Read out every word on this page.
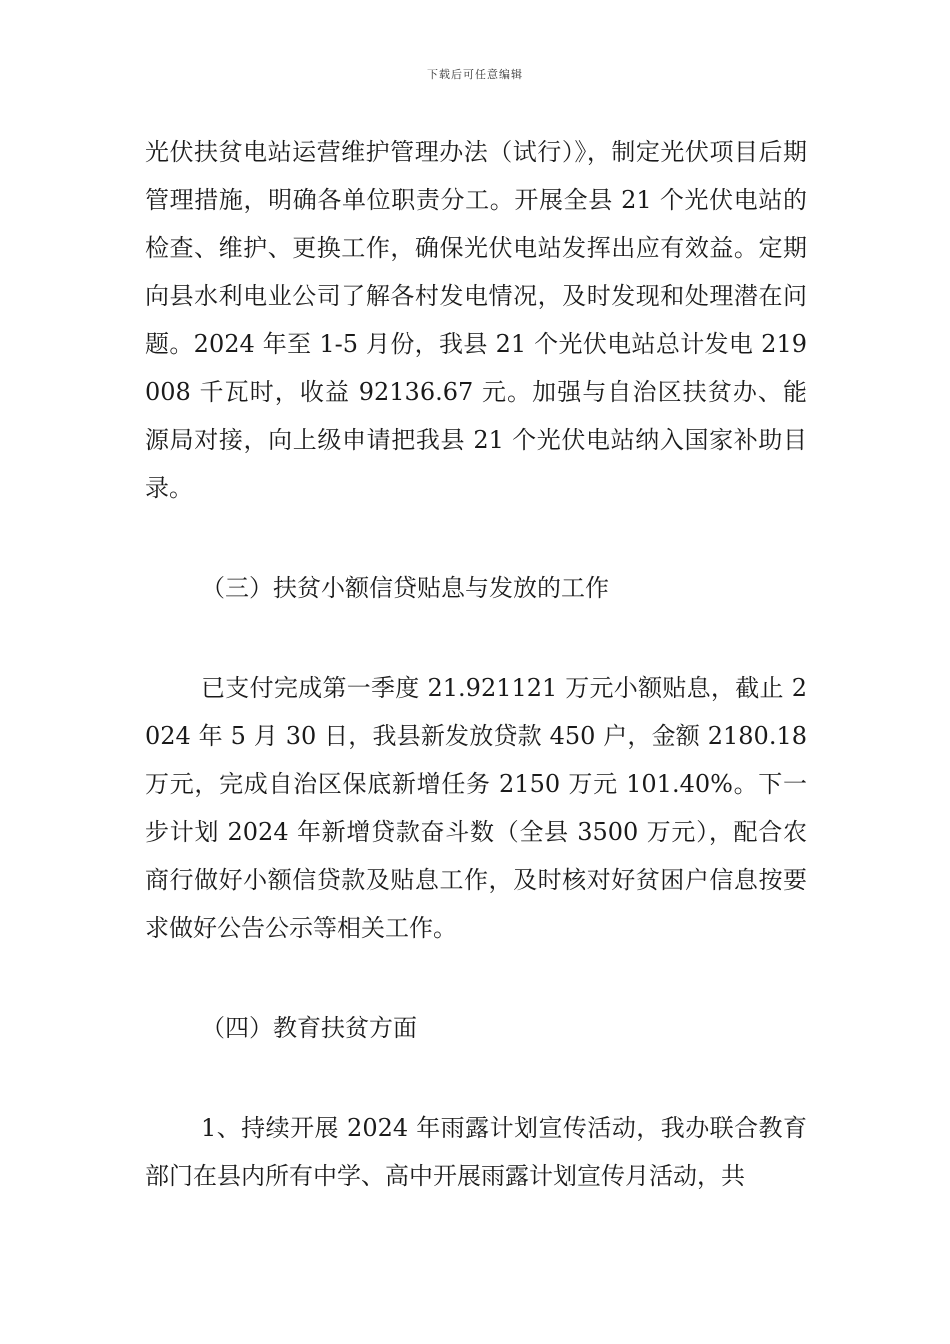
下载后可任意编辑

光伏扶贫电站运营维护管理办法（试行）》，制定光伏项目后期管理措施，明确各单位职责分工。开展全县 21 个光伏电站的检查、维护、更换工作，确保光伏电站发挥出应有效益。定期向县水利电业公司了解各村发电情况，及时发现和处理潜在问题。2024 年至 1-5 月份，我县 21 个光伏电站总计发电 219008 千瓦时，收益 92136.67 元。加强与自治区扶贫办、能源局对接，向上级申请把我县 21 个光伏电站纳入国家补助目录。

（三）扶贫小额信贷贴息与发放的工作

已支付完成第一季度 21.921121 万元小额贴息，截止 2024 年 5 月 30 日，我县新发放贷款 450 户，金额 2180.18 万元，完成自治区保底新增任务 2150 万元 101.40%。下一步计划 2024 年新增贷款奋斗数（全县 3500 万元），配合农商行做好小额信贷款及贴息工作，及时核对好贫困户信息按要求做好公告公示等相关工作。

（四）教育扶贫方面

1、持续开展 2024 年雨露计划宣传活动，我办联合教育部门在县内所有中学、高中开展雨露计划宣传月活动，共
